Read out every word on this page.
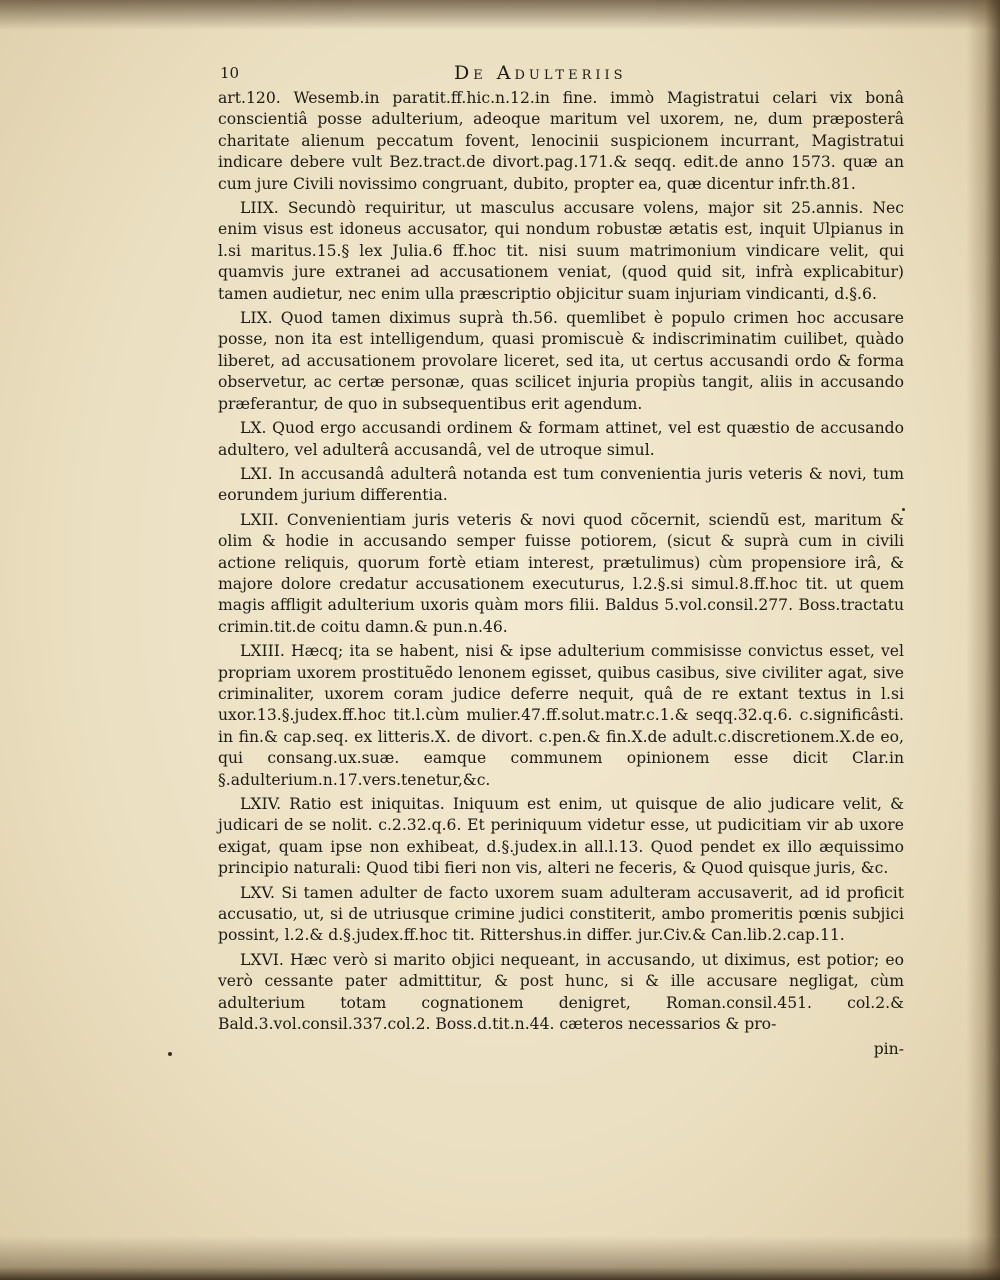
10	De Adulteriis

art.120. Wesemb.in paratit.ff.hic.n.12.in fine. immò Magistratui celari vix bonâ conscientiâ posse adulterium, adeoque maritum vel uxorem, ne, dum præposterâ charitate alienum peccatum fovent, lenocinii suspicionem incurrant, Magistratui indicare debere vult Bez.tract.de divort.pag.171.& seqq. edit.de anno 1573. quæ an cum jure Civili novissimo congruant, dubito, propter ea, quæ dicentur infr.th.81.

LIIX. Secundò requiritur, ut masculus accusare volens, major sit 25.annis. Nec enim visus est idoneus accusator, qui nondum robustæ ætatis est, inquit Ulpianus in l.si maritus.15.§ lex Julia.6 ff.hoc tit. nisi suum matrimonium vindicare velit, qui quamvis jure extranei ad accusationem veniat, (quod quid sit, infrà explicabitur) tamen audietur, nec enim ulla præscriptio objicitur suam injuriam vindicanti, d.§.6.

LIX. Quod tamen diximus suprà th.56. quemlibet è populo crimen hoc accusare posse, non ita est intelligendum, quasi promiscuè & indiscriminatim cuilibet, quàdo liberet, ad accusationem provolare liceret, sed ita, ut certus accusandi ordo & forma observetur, ac certæ personæ, quas scilicet injuria propiùs tangit, aliis in accusando præferantur, de quo in subsequentibus erit agendum.

LX. Quod ergo accusandi ordinem & formam attinet, vel est quæstio de accusando adultero, vel adulterâ accusandâ, vel de utroque simul.

LXI. In accusandâ adulterâ notanda est tum convenientia juris veteris & novi, tum eorundem jurium differentia.

LXII. Convenientiam juris veteris & novi quod cõcernit, sciendũ est, maritum & olim & hodie in accusando semper fuisse potiorem, (sicut & suprà cum in civili actione reliquis, quorum fortè etiam interest, prætulimus) cùm propensiore irâ, & majore dolore credatur accusationem executurus, l.2.§.si simul.8.ff.hoc tit. ut quem magis affligit adulterium uxoris quàm mors filii. Baldus 5.vol.consil.277. Boss.tractatu crimin.tit.de coitu damn.& pun.n.46.

LXIII. Hæcq; ita se habent, nisi & ipse adulterium commisisse convictus esset, vel propriam uxorem prostituẽdo lenonem egisset, quibus casibus, sive civiliter agat, sive criminaliter, uxorem coram judice deferre nequit, quâ de re extant textus in l.si uxor.13.§.judex.ff.hoc tit.l.cùm mulier.47.ff.solut.matr.c.1.& seqq.32.q.6. c.significâsti. in fin.& cap.seq. ex litteris.X. de divort. c.pen.& fin.X.de adult.c.discretionem.X.de eo, qui consang.ux.suæ. eamque communem opinionem esse dicit Clar.in §.adulterium.n.17.vers.tenetur,&c.

LXIV. Ratio est iniquitas. Iniquum est enim, ut quisque de alio judicare velit, & judicari de se nolit. c.2.32.q.6. Et periniquum videtur esse, ut pudicitiam vir ab uxore exigat, quam ipse non exhibeat, d.§.judex.in all.l.13. Quod pendet ex illo æquissimo principio naturali: Quod tibi fieri non vis, alteri ne feceris, & Quod quisque juris, &c.

LXV. Si tamen adulter de facto uxorem suam adulteram accusaverit, ad id proficit accusatio, ut, si de utriusque crimine judici constiterit, ambo promeritis pœnis subjici possint, l.2.& d.§.judex.ff.hoc tit. Rittershus.in differ. jur.Civ.& Can.lib.2.cap.11.

LXVI. Hæc verò si marito objici nequeant, in accusando, ut diximus, est potior; eo verò cessante pater admittitur, & post hunc, si & ille accusare negligat, cùm adulterium totam cognationem denigret, Roman.consil.451. col.2.& Bald.3.vol.consil.337.col.2. Boss.d.tit.n.44. cæteros necessarios & pro-

pin-
